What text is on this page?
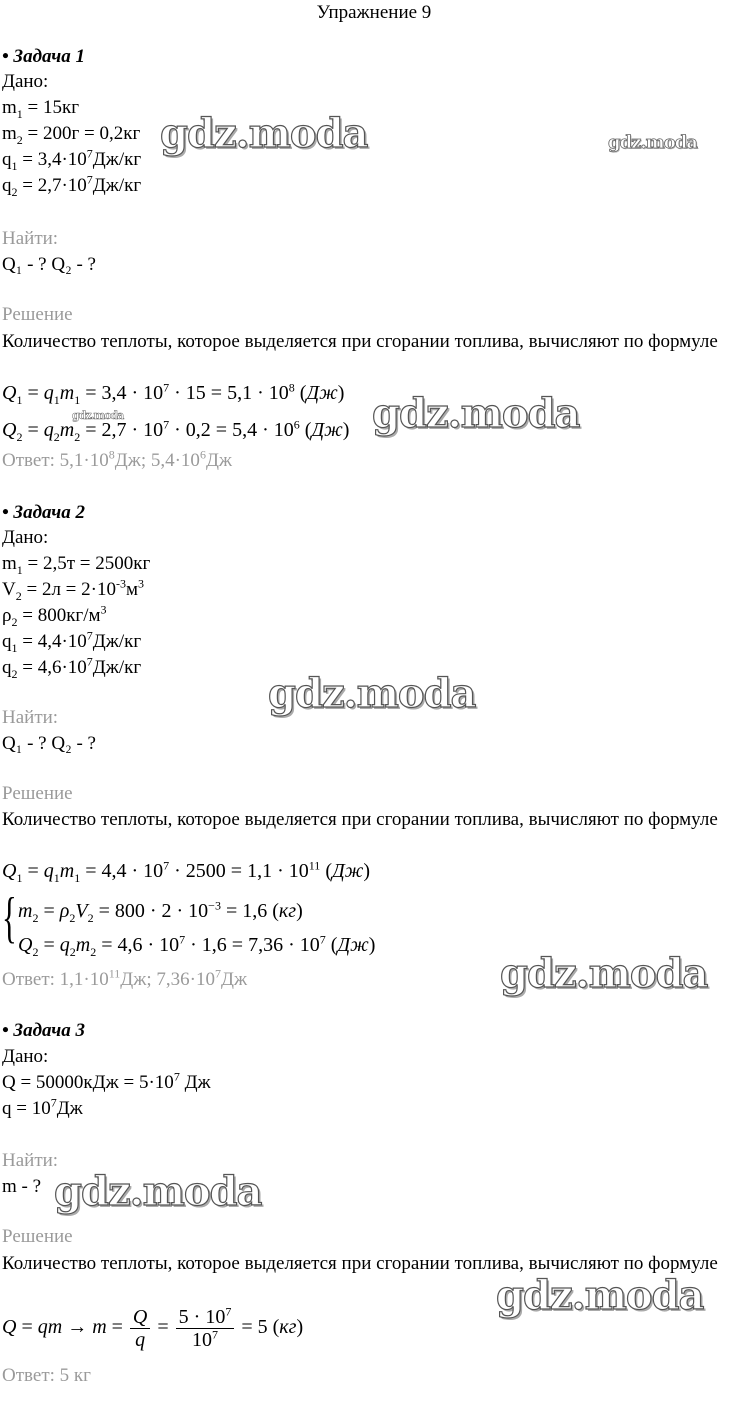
Упражнение 9
• Задача 1
Дано:
$m_1 = 15кг$
$m_2 = 200г = 0,2кг$
$q_1 = 3,4\cdot 10^7Дж/кг$
$q_2 = 2,7\cdot 10^7Дж/кг$
Найти:
Q₁ - ? Q₂ - ?
Решение
Количество теплоты, которое выделяется при сгорании топлива, вычисляют по формуле
$Q_1 = q_1m_1 = 3,4 \cdot 10^7 \cdot 15 = 5,1 \cdot 10^8$ (Дж)
$Q_2 = q_2m_2 = 2,7 \cdot 10^7 \cdot 0,2 = 5,4 \cdot 10^6$ (Дж)
Ответ: $5,1\cdot 10^8Дж$; $5,4\cdot 10^6Дж$
• Задача 2
Дано:
$m_1 = 2,5т = 2500кг$
$V_2 = 2л = 2\cdot 10^{-3}м^3$
$\rho_2 = 800кг/м^3$
$q_1 = 4,4\cdot 10^7Дж/кг$
$q_2 = 4,6\cdot 10^7Дж/кг$
Найти:
Q₁ - ? Q₂ - ?
Решение
Количество теплоты, которое выделяется при сгорании топлива, вычисляют по формуле
$Q_1 = q_1m_1 = 4,4 \cdot 10^7 \cdot 2500 = 1,1 \cdot 10^{11}$ (Дж)
{ $m_2 = \rho_2V_2 = 800 \cdot 2 \cdot 10^{-3} = 1,6$ (кг)
$Q_2 = q_2m_2 = 4,6 \cdot 10^7 \cdot 1,6 = 7,36 \cdot 10^7$ (Дж)
Ответ: $1,1\cdot 10^{11}Дж$; $7,36\cdot 10^7Дж$
• Задача 3
Дано:
$Q = 50000кДж = 5\cdot 10^7$ Дж
$q = 10^7Дж$
Найти:
m - ?
Решение
Количество теплоты, которое выделяется при сгорании топлива, вычисляют по формуле
Q = qm → $m = \frac{Q}{q} = \frac{5 \cdot 10^7}{10^7} = 5$ (кг)
Ответ: 5 кг
gdz.moda	gdz.moda
gdz.moda
gdz.moda
gdz.moda
gdz.moda
gdz.moda
gdz.moda
